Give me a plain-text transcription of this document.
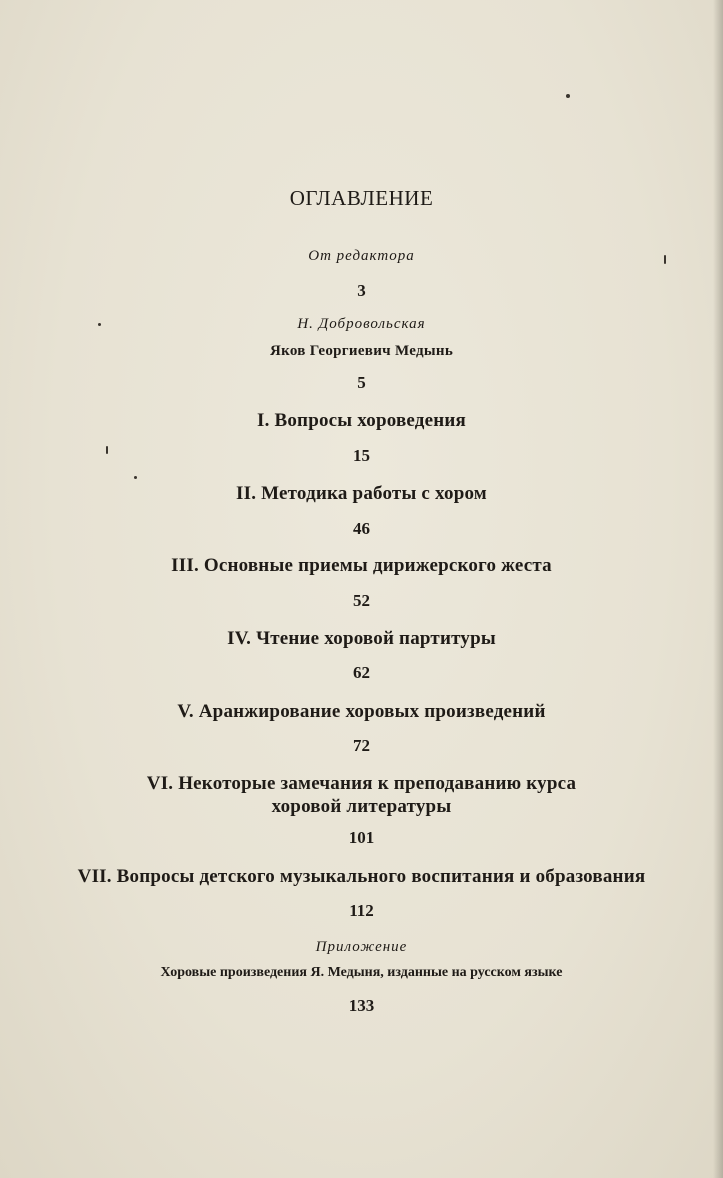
ОГЛАВЛЕНИЕ
От редактора
3
Н. Добровольская
Яков Георгиевич Медынь
5
I. Вопросы хороведения
15
II. Методика работы с хором
46
III. Основные приемы дирижерского жеста
52
IV. Чтение хоровой партитуры
62
V. Аранжирование хоровых произведений
72
VI. Некоторые замечания к преподаванию курса
хоровой литературы
101
VII. Вопросы детского музыкального воспитания и образования
112
Приложение
Хоровые произведения Я. Медыня, изданные на русском языке
133
